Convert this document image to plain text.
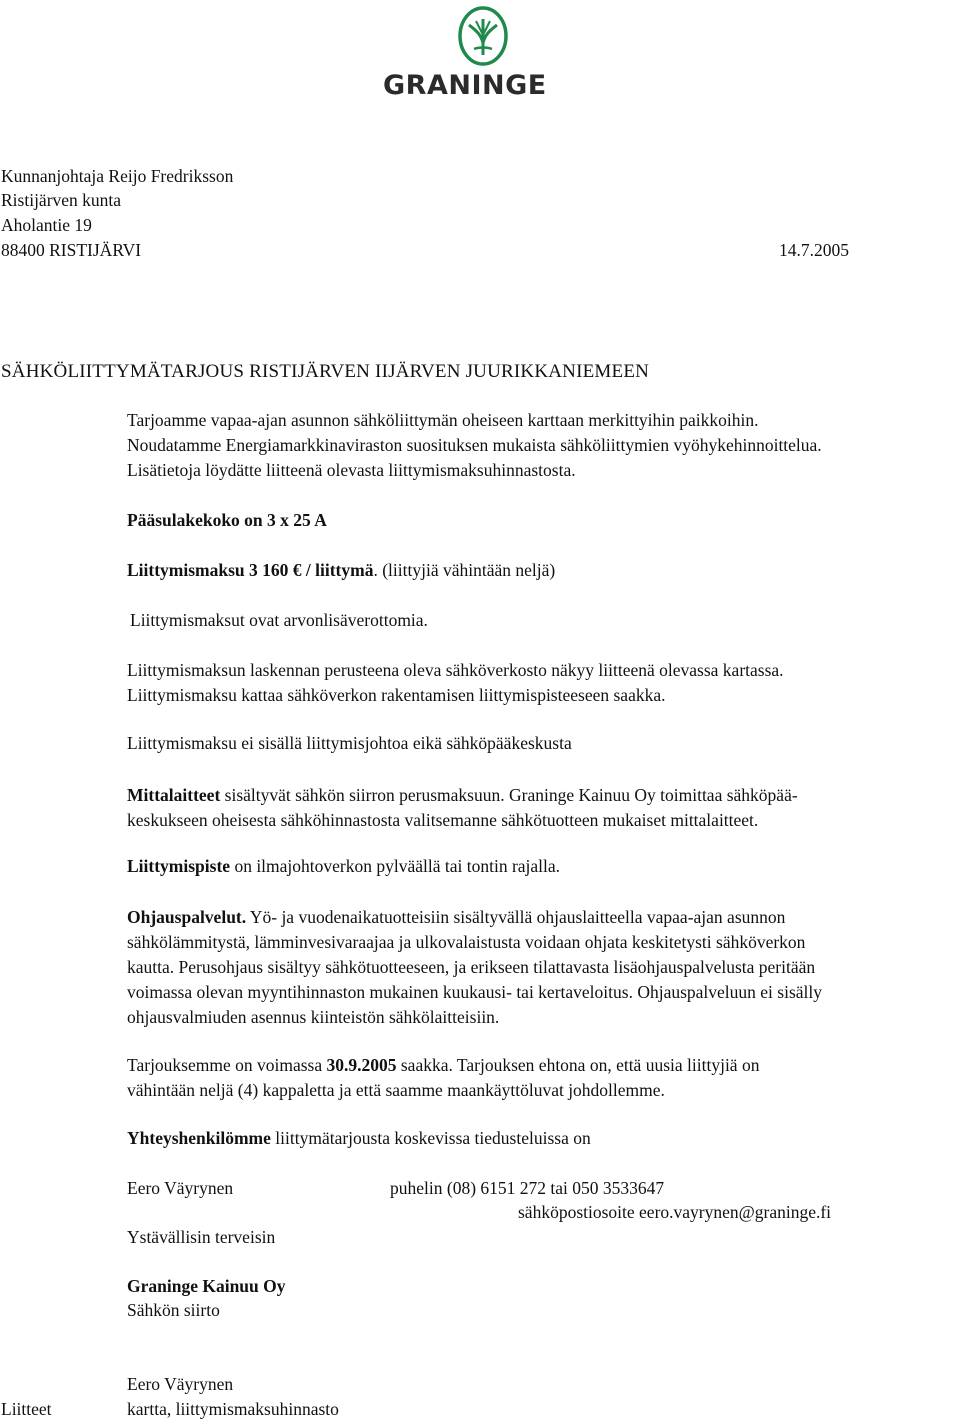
GRANINGE
Kunnanjohtaja Reijo Fredriksson
Ristijärven kunta
Aholantie 19
88400 RISTIJÄRVI	14.7.2005
SÄHKÖLIITTYMÄTARJOUS RISTIJÄRVEN IIJÄRVEN JUURIKKANIEMEEN
Tarjoamme vapaa-ajan asunnon sähköliittymän oheiseen karttaan merkittyihin paikkoihin.
Noudatamme Energiamarkkinaviraston suosituksen mukaista sähköliittymien vyöhykehinnoittelua.
Lisätietoja löydätte liitteenä olevasta liittymismaksuhinnastosta.
Pääsulakekoko on 3 x 25 A
Liittymismaksu 3 160 € / liittymä. (liittyjiä vähintään neljä)
Liittymismaksut ovat arvonlisäverottomia.
Liittymismaksun laskennan perusteena oleva sähköverkosto näkyy liitteenä olevassa kartassa.
Liittymismaksu kattaa sähköverkon rakentamisen liittymispisteeseen saakka.
Liittymismaksu ei sisällä liittymisjohtoa eikä sähköpääkeskusta
Mittalaitteet sisältyvät sähkön siirron perusmaksuun. Graninge Kainuu Oy toimittaa sähköpää-
keskukseen oheisesta sähköhinnastosta valitsemanne sähkötuotteen mukaiset mittalaitteet.
Liittymispiste on ilmajohtoverkon pylväällä tai tontin rajalla.
Ohjauspalvelut. Yö- ja vuodenaikatuotteisiin sisältyvällä ohjauslaitteella vapaa-ajan asunnon
sähkölämmitystä, lämminvesivaraajaa ja ulkovalaistusta voidaan ohjata keskitetysti sähköverkon
kautta. Perusohjaus sisältyy sähkötuotteeseen, ja erikseen tilattavasta lisäohjauspalvelusta peritään
voimassa olevan myyntihinnaston mukainen kuukausi- tai kertaveloitus. Ohjauspalveluun ei sisälly
ohjausvalmiuden asennus kiinteistön sähkölaitteisiin.
Tarjouksemme on voimassa 30.9.2005 saakka. Tarjouksen ehtona on, että uusia liittyjiä on
vähintään neljä (4) kappaletta ja että saamme maankäyttöluvat johdollemme.
Yhteyshenkilömme liittymätarjousta koskevissa tiedusteluissa on
Eero Väyrynen	puhelin (08) 6151 272 tai 050 3533647
sähköpostiosoite eero.vayrynen@graninge.fi
Ystävällisin terveisin
Graninge Kainuu Oy
Sähkön siirto
Eero Väyrynen
Liitteet	kartta, liittymismaksuhinnasto
